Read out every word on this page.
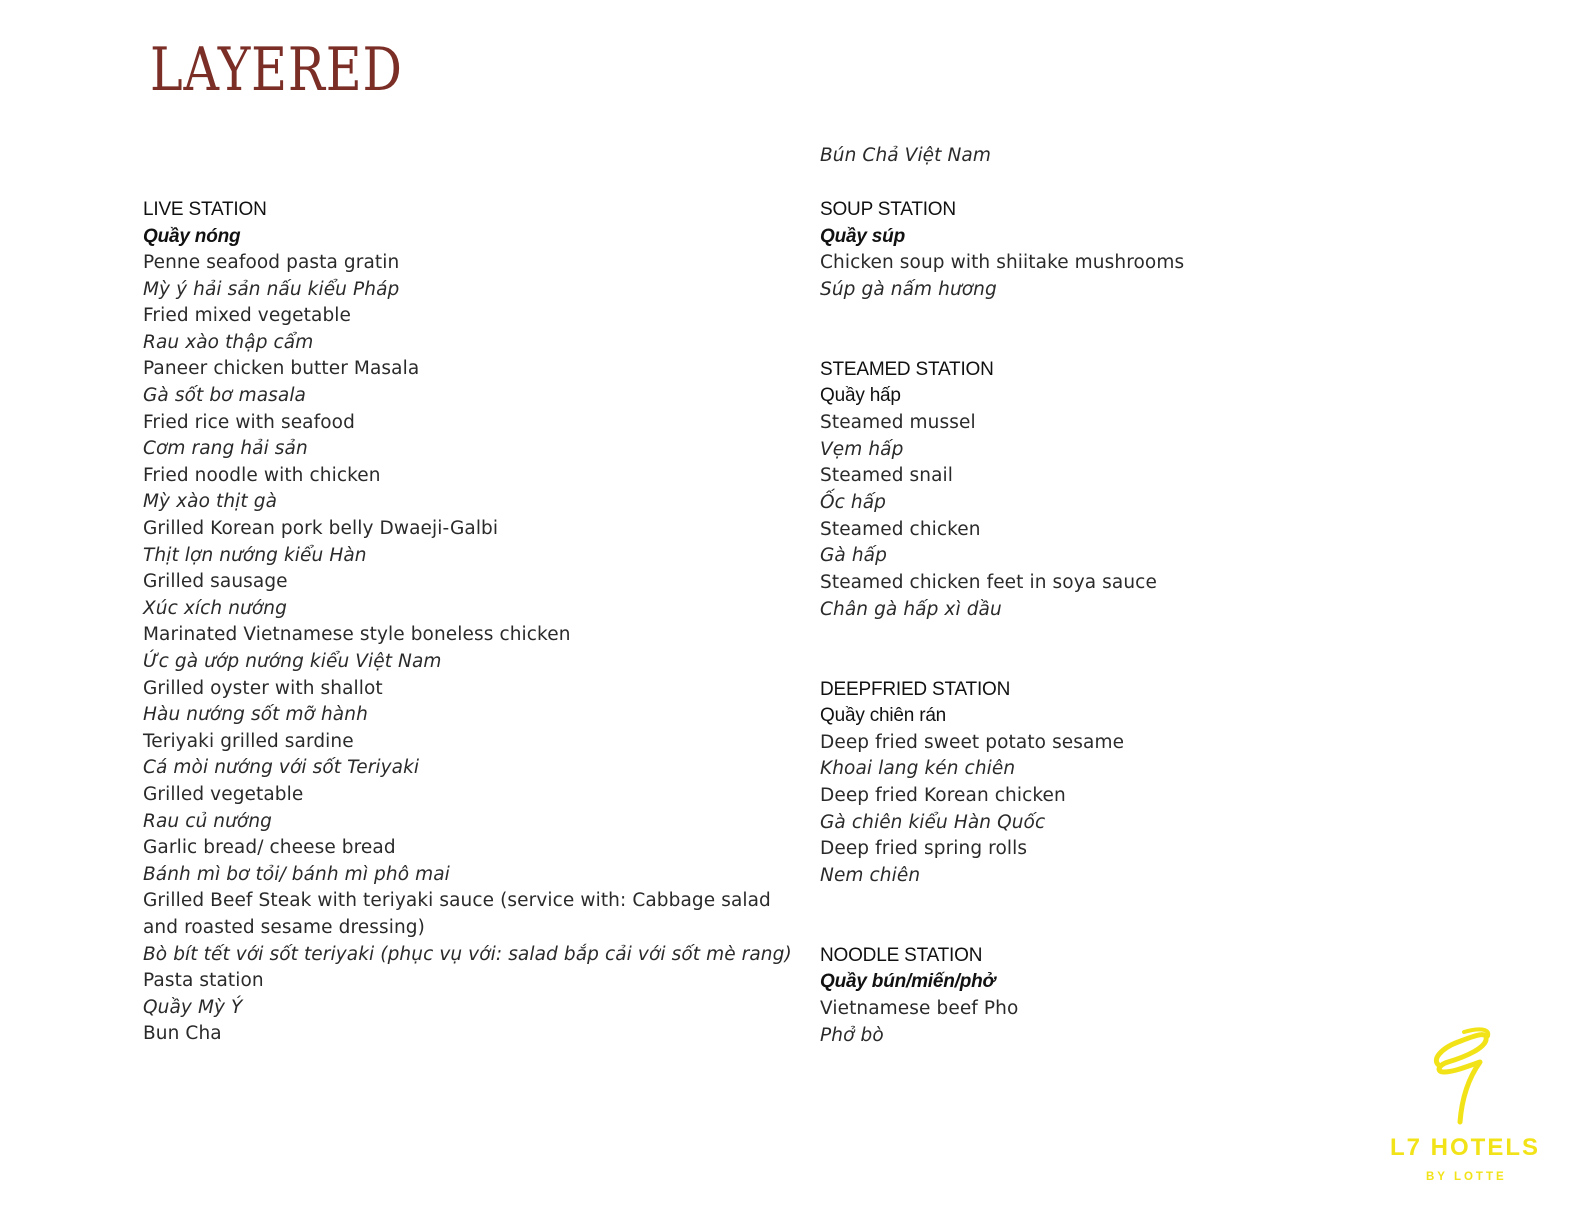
LAYERED
LIVE STATION
Quầy nóng
Penne seafood pasta gratin
Mỳ ý hải sản nấu kiểu Pháp
Fried mixed vegetable
Rau xào thập cẩm
Paneer chicken butter Masala
Gà sốt bơ masala
Fried rice with seafood
Cơm rang hải sản
Fried noodle with chicken
Mỳ xào thịt gà
Grilled Korean pork belly Dwaeji-Galbi
Thịt lợn nướng kiểu Hàn
Grilled sausage
Xúc xích nướng
Marinated Vietnamese style boneless chicken
Ức gà ướp nướng kiểu Việt Nam
Grilled oyster with shallot
Hàu nướng sốt mỡ hành
Teriyaki grilled sardine
Cá mòi nướng với sốt Teriyaki
Grilled vegetable
Rau củ nướng
Garlic bread/ cheese bread
Bánh mì bơ tỏi/ bánh mì phô mai
Grilled Beef Steak with teriyaki sauce (service with: Cabbage salad
and roasted sesame dressing)
Bò bít tết với sốt teriyaki (phục vụ với: salad bắp cải với sốt mè rang)
Pasta station
Quầy Mỳ Ý
Bun Cha
Bún Chả Việt Nam
SOUP STATION
Quầy súp
Chicken soup with shiitake mushrooms
Súp gà nấm hương
STEAMED STATION
Quầy hấp
Steamed mussel
Vẹm hấp
Steamed snail
Ốc hấp
Steamed chicken
Gà hấp
Steamed chicken feet in soya sauce
Chân gà hấp xì dầu
DEEPFRIED STATION
Quầy chiên rán
Deep fried sweet potato sesame
Khoai lang kén chiên
Deep fried Korean chicken
Gà chiên kiểu Hàn Quốc
Deep fried spring rolls
Nem chiên
NOODLE STATION
Quầy bún/miến/phở
Vietnamese beef Pho
Phở bò
L7 HOTELS
BY LOTTE
